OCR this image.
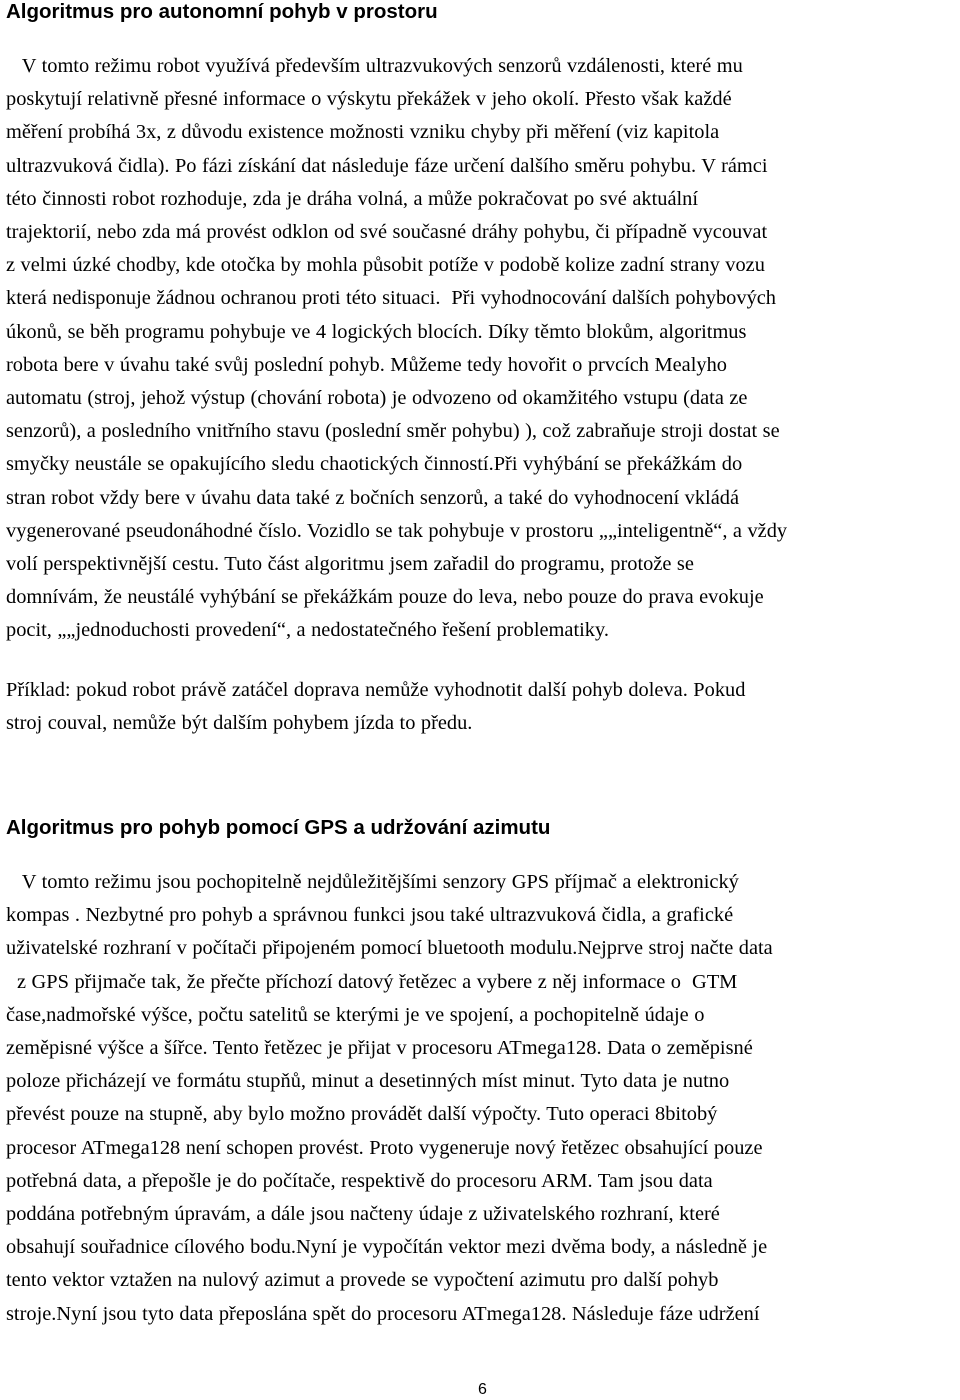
Algoritmus pro autonomní pohyb v prostoru
V tomto režimu robot využívá především ultrazvukových senzorů vzdálenosti, které mu
poskytují relativně přesné informace o výskytu překážek v jeho okolí. Přesto však každé
měření probíhá 3x, z důvodu existence možnosti vzniku chyby při měření (viz kapitola
ultrazvuková čidla). Po fázi získání dat následuje fáze určení dalšího směru pohybu. V rámci
této činnosti robot rozhoduje, zda je dráha volná, a může pokračovat po své aktuální
trajektorií, nebo zda má provést odklon od své současné dráhy pohybu, či případně vycouvat
z velmi úzké chodby, kde otočka by mohla působit potíže v podobě kolize zadní strany vozu
která nedisponuje žádnou ochranou proti této situaci.  Při vyhodnocování dalších pohybových
úkonů, se běh programu pohybuje ve 4 logických blocích. Díky těmto blokům, algoritmus
robota bere v úvahu také svůj poslední pohyb. Můžeme tedy hovořit o prvcích Mealyho
automatu (stroj, jehož výstup (chování robota) je odvozeno od okamžitého vstupu (data ze
senzorů), a posledního vnitřního stavu (poslední směr pohybu) ), což zabraňuje stroji dostat se
smyčky neustále se opakujícího sledu chaotických činností.Při vyhýbání se překážkám do
stran robot vždy bere v úvahu data také z bočních senzorů, a také do vyhodnocení vkládá
vygenerované pseudonáhodné číslo. Vozidlo se tak pohybuje v prostoru „„inteligentně“, a vždy
volí perspektivnější cestu. Tuto část algoritmu jsem zařadil do programu, protože se
domnívám, že neustálé vyhýbání se překážkám pouze do leva, nebo pouze do prava evokuje
pocit, „„jednoduchosti provedení“, a nedostatečného řešení problematiky.
Příklad: pokud robot právě zatáčel doprava nemůže vyhodnotit další pohyb doleva. Pokud
stroj couval, nemůže být dalším pohybem jízda to předu.
Algoritmus pro pohyb pomocí GPS a udržování azimutu
V tomto režimu jsou pochopitelně nejdůležitějšími senzory GPS příjmač a elektronický
kompas . Nezbytné pro pohyb a správnou funkci jsou také ultrazvuková čidla, a grafické
uživatelské rozhraní v počítači připojeném pomocí bluetooth modulu.Nejprve stroj načte data
z GPS přijmače tak, že přečte příchozí datový řetězec a vybere z něj informace o  GTM
čase,nadmořské výšce, počtu satelitů se kterými je ve spojení, a pochopitelně údaje o
zeměpisné výšce a šířce. Tento řetězec je přijat v procesoru ATmega128. Data o zeměpisné
poloze přicházejí ve formátu stupňů, minut a desetinných míst minut. Tyto data je nutno
převést pouze na stupně, aby bylo možno provádět další výpočty. Tuto operaci 8bitobý
procesor ATmega128 není schopen provést. Proto vygeneruje nový řetězec obsahující pouze
potřebná data, a přepošle je do počítače, respektivě do procesoru ARM. Tam jsou data
poddána potřebným úpravám, a dále jsou načteny údaje z uživatelského rozhraní, které
obsahují souřadnice cílového bodu.Nyní je vypočítán vektor mezi dvěma body, a následně je
tento vektor vztažen na nulový azimut a provede se vypočtení azimutu pro další pohyb
stroje.Nyní jsou tyto data přeposlána spět do procesoru ATmega128. Následuje fáze udržení
6
